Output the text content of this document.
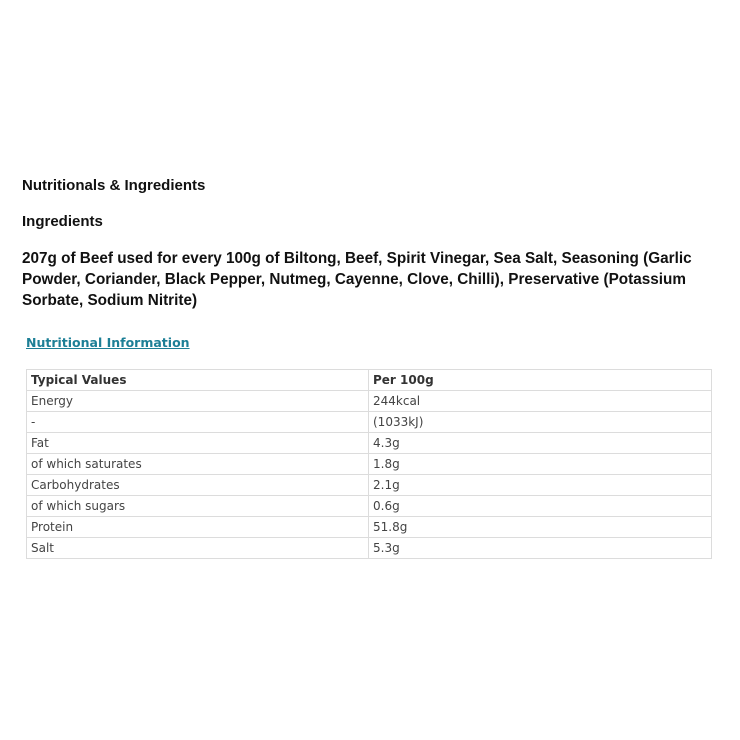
Nutritionals & Ingredients
Ingredients

207g of Beef used for every 100g of Biltong, Beef, Spirit Vinegar, Sea Salt, Seasoning (Garlic Powder, Coriander, Black Pepper, Nutmeg, Cayenne, Clove, Chilli), Preservative (Potassium Sorbate, Sodium Nitrite)

Nutritional Information
Typical Values	Per 100g
Energy	244kcal
-	(1033kJ)
Fat	4.3g
of which saturates	1.8g
Carbohydrates	2.1g
of which sugars	0.6g
Protein	51.8g
Salt	5.3g
